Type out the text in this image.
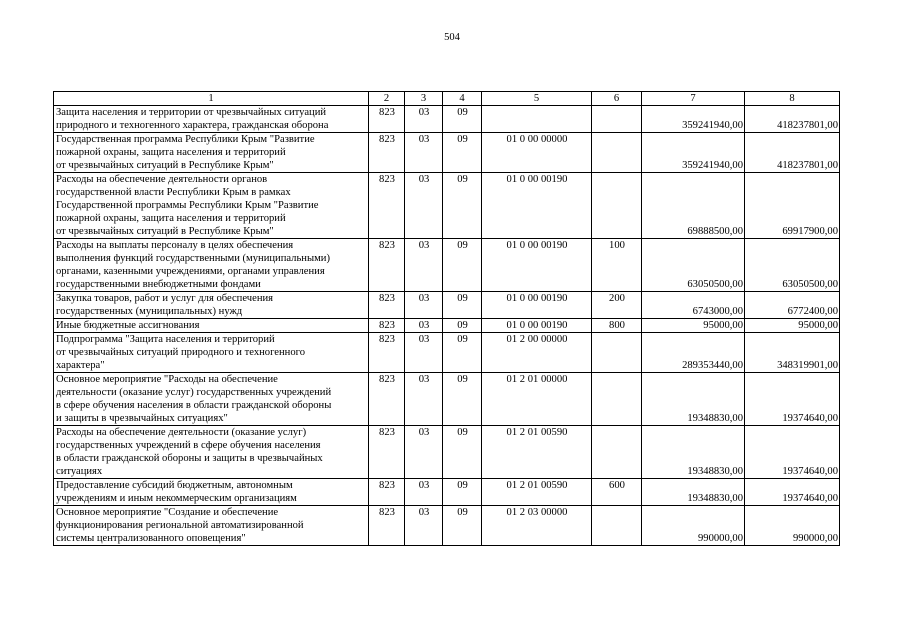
504
1	2	3	4	5	6	7	8
Защита населения и территории от чрезвычайных ситуаций
природного и техногенного характера, гражданская оборона	823	03	09			359241940,00	418237801,00
Государственная программа Республики Крым "Развитие
пожарной охраны, защита населения и территорий
от чрезвычайных ситуаций в Республике Крым"	823	03	09	01 0 00 00000		359241940,00	418237801,00
Расходы на обеспечение деятельности органов
государственной власти Республики Крым в рамках
Государственной программы Республики Крым "Развитие
пожарной охраны, защита населения и территорий
от чрезвычайных ситуаций в Республике Крым"	823	03	09	01 0 00 00190		69888500,00	69917900,00
Расходы на выплаты персоналу в целях обеспечения
выполнения функций государственными (муниципальными)
органами, казенными учреждениями, органами управления
государственными внебюджетными фондами	823	03	09	01 0 00 00190	100	63050500,00	63050500,00
Закупка товаров, работ и услуг для обеспечения
государственных (муниципальных) нужд	823	03	09	01 0 00 00190	200	6743000,00	6772400,00
Иные бюджетные ассигнования	823	03	09	01 0 00 00190	800	95000,00	95000,00
Подпрограмма "Защита населения и территорий
от чрезвычайных ситуаций природного и техногенного
характера"	823	03	09	01 2 00 00000		289353440,00	348319901,00
Основное мероприятие "Расходы на обеспечение
деятельности (оказание услуг) государственных учреждений
в сфере обучения населения в области гражданской обороны
и защиты в чрезвычайных ситуациях"	823	03	09	01 2 01 00000		19348830,00	19374640,00
Расходы на обеспечение деятельности (оказание услуг)
государственных учреждений в сфере обучения населения
в области гражданской обороны и защиты в чрезвычайных
ситуациях	823	03	09	01 2 01 00590		19348830,00	19374640,00
Предоставление субсидий бюджетным, автономным
учреждениям и иным некоммерческим организациям	823	03	09	01 2 01 00590	600	19348830,00	19374640,00
Основное мероприятие "Создание и обеспечение
функционирования региональной автоматизированной
системы централизованного оповещения"	823	03	09	01 2 03 00000		990000,00	990000,00
